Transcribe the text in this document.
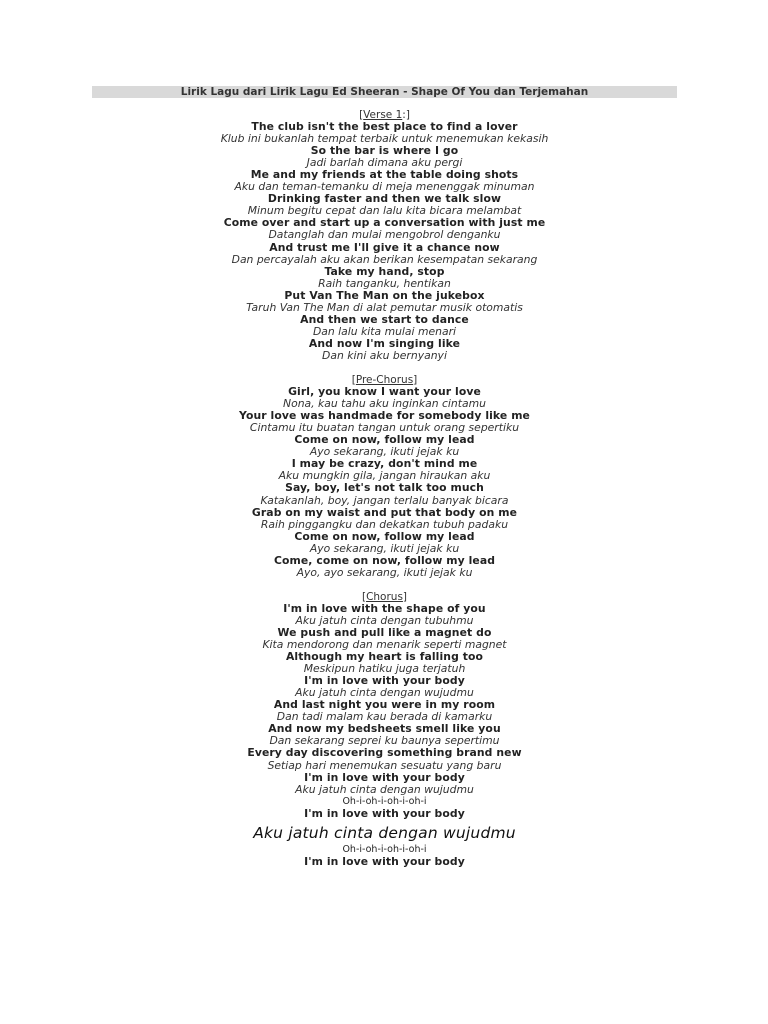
Lirik Lagu dari Lirik Lagu Ed Sheeran - Shape Of You dan Terjemahan
[Verse 1:]
The club isn't the best place to find a lover
Klub ini bukanlah tempat terbaik untuk menemukan kekasih
So the bar is where I go
Jadi barlah dimana aku pergi
Me and my friends at the table doing shots
Aku dan teman-temanku di meja menenggak minuman
Drinking faster and then we talk slow
Minum begitu cepat dan lalu kita bicara melambat
Come over and start up a conversation with just me
Datanglah dan mulai mengobrol denganku
And trust me I'll give it a chance now
Dan percayalah aku akan berikan kesempatan sekarang
Take my hand, stop
Raih tanganku, hentikan
Put Van The Man on the jukebox
Taruh Van The Man di alat pemutar musik otomatis
And then we start to dance
Dan lalu kita mulai menari
And now I'm singing like
Dan kini aku bernyanyi
[Pre-Chorus]
Girl, you know I want your love
Nona, kau tahu aku inginkan cintamu
Your love was handmade for somebody like me
Cintamu itu buatan tangan untuk orang sepertiku
Come on now, follow my lead
Ayo sekarang, ikuti jejak ku
I may be crazy, don't mind me
Aku mungkin gila, jangan hiraukan aku
Say, boy, let's not talk too much
Katakanlah, boy, jangan terlalu banyak bicara
Grab on my waist and put that body on me
Raih pinggangku dan dekatkan tubuh padaku
Come on now, follow my lead
Ayo sekarang, ikuti jejak ku
Come, come on now, follow my lead
Ayo, ayo sekarang, ikuti jejak ku
[Chorus]
I'm in love with the shape of you
Aku jatuh cinta dengan tubuhmu
We push and pull like a magnet do
Kita mendorong dan menarik seperti magnet
Although my heart is falling too
Meskipun hatiku juga terjatuh
I'm in love with your body
Aku jatuh cinta dengan wujudmu
And last night you were in my room
Dan tadi malam kau berada di kamarku
And now my bedsheets smell like you
Dan sekarang seprei ku baunya sepertimu
Every day discovering something brand new
Setiap hari menemukan sesuatu yang baru
I'm in love with your body
Aku jatuh cinta dengan wujudmu
Oh-i-oh-i-oh-i-oh-i
I'm in love with your body
Aku jatuh cinta dengan wujudmu
Oh-i-oh-i-oh-i-oh-i
I'm in love with your body
